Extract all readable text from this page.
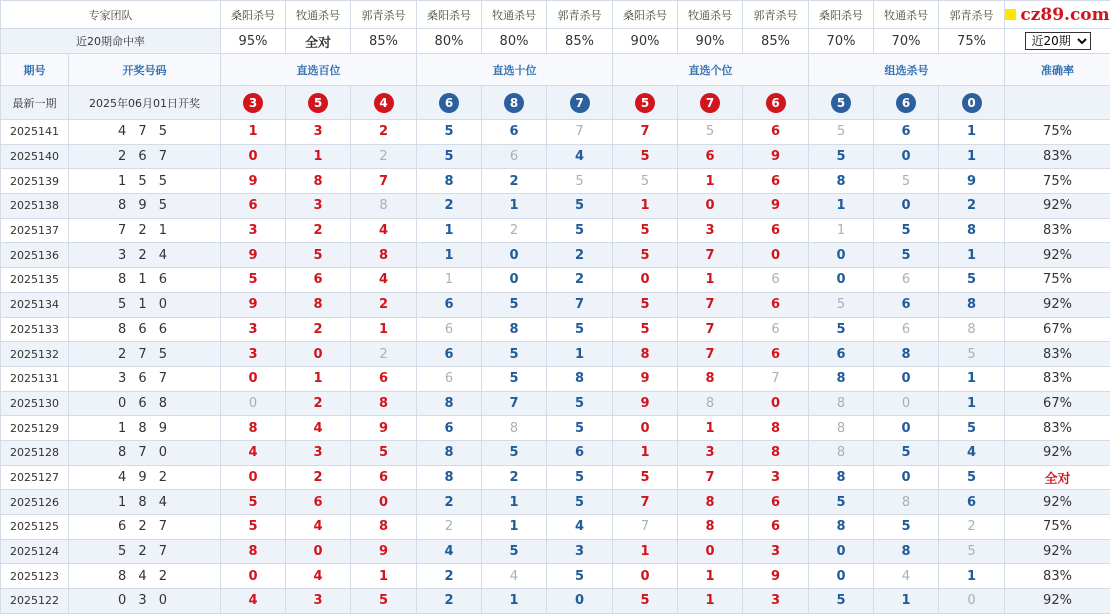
专家团队		桑阳杀号	牧通杀号	郭青杀号	桑阳杀号	牧通杀号	郭青杀号	桑阳杀号	牧通杀号	郭青杀号	桑阳杀号	牧通杀号	郭青杀号	cz89.com

近20期命中率		95%	全对	85%	80%	80%	85%	90%	90%	85%	70%	70%	75%	
近20期
期号	开奖号码	直选百位			直选十位			直选个位			组选杀号			准确率
最新一期	2025年06月01日开奖	3	5	4	6	8	7	5	7	6	5	6	0	
2025141	4 7 5	1	3	2	5	6	7	7	5	6	5	6	1	75%
2025140	2 6 7	0	1	2	5	6	4	5	6	9	5	0	1	83%
2025139	1 5 5	9	8	7	8	2	5	5	1	6	8	5	9	75%
2025138	8 9 5	6	3	8	2	1	5	1	0	9	1	0	2	92%
2025137	7 2 1	3	2	4	1	2	5	5	3	6	1	5	8	83%
2025136	3 2 4	9	5	8	1	0	2	5	7	0	0	5	1	92%
2025135	8 1 6	5	6	4	1	0	2	0	1	6	0	6	5	75%
2025134	5 1 0	9	8	2	6	5	7	5	7	6	5	6	8	92%
2025133	8 6 6	3	2	1	6	8	5	5	7	6	5	6	8	67%
2025132	2 7 5	3	0	2	6	5	1	8	7	6	6	8	5	83%
2025131	3 6 7	0	1	6	6	5	8	9	8	7	8	0	1	83%
2025130	0 6 8	0	2	8	8	7	5	9	8	0	8	0	1	67%
2025129	1 8 9	8	4	9	6	8	5	0	1	8	8	0	5	83%
2025128	8 7 0	4	3	5	8	5	6	1	3	8	8	5	4	92%
2025127	4 9 2	0	2	6	8	2	5	5	7	3	8	0	5	全对
2025126	1 8 4	5	6	0	2	1	5	7	8	6	5	8	6	92%
2025125	6 2 7	5	4	8	2	1	4	7	8	6	8	5	2	75%
2025124	5 2 7	8	0	9	4	5	3	1	0	3	0	8	5	92%
2025123	8 4 2	0	4	1	2	4	5	0	1	9	0	4	1	83%
2025122	0 3 0	4	3	5	2	1	0	5	1	3	5	1	0	92%
